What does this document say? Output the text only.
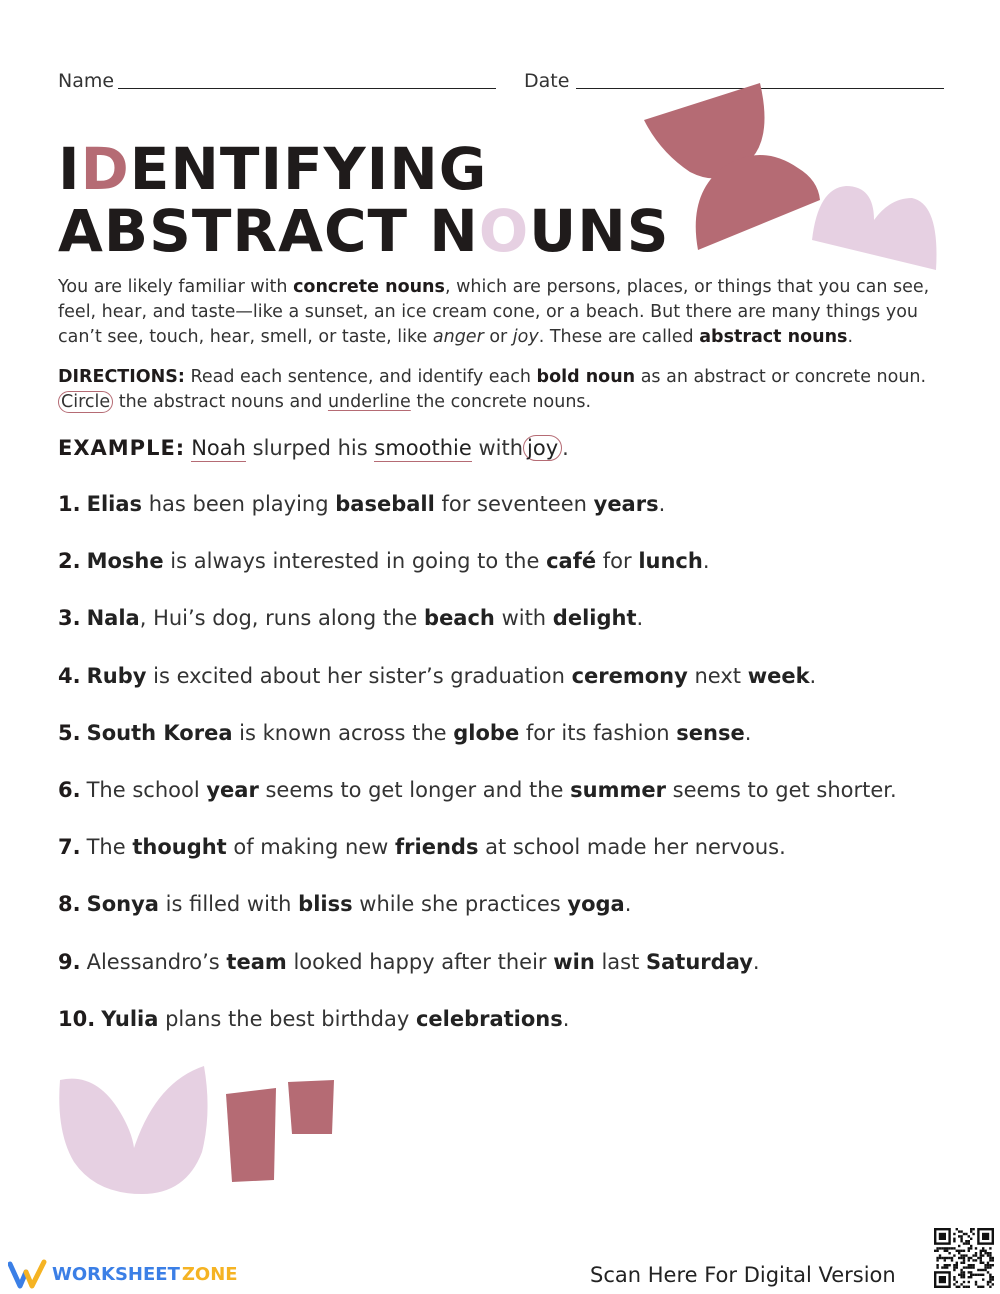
Name	Date
IDENTIFYING
ABSTRACT NOUNS
You are likely familiar with concrete nouns, which are persons, places, or things that you can see, feel, hear, and taste—like a sunset, an ice cream cone, or a beach. But there are many things you can’t see, touch, hear, smell, or taste, like anger or joy. These are called abstract nouns.
DIRECTIONS: Read each sentence, and identify each bold noun as an abstract or concrete noun.
Circle the abstract nouns and underline the concrete nouns.
EXAMPLE: Noah slurped his smoothie with joy .
1. Elias has been playing baseball for seventeen years.
2. Moshe is always interested in going to the café for lunch.
3. Nala, Hui’s dog, runs along the beach with delight.
4. Ruby is excited about her sister’s graduation ceremony next week.
5. South Korea is known across the globe for its fashion sense.
6. The school year seems to get longer and the summer seems to get shorter.
7. The thought of making new friends at school made her nervous.
8. Sonya is filled with bliss while she practices yoga.
9. Alessandro’s team looked happy after their win last Saturday.
10. Yulia plans the best birthday celebrations.
WORKSHEET ZONE	Scan Here For Digital Version
